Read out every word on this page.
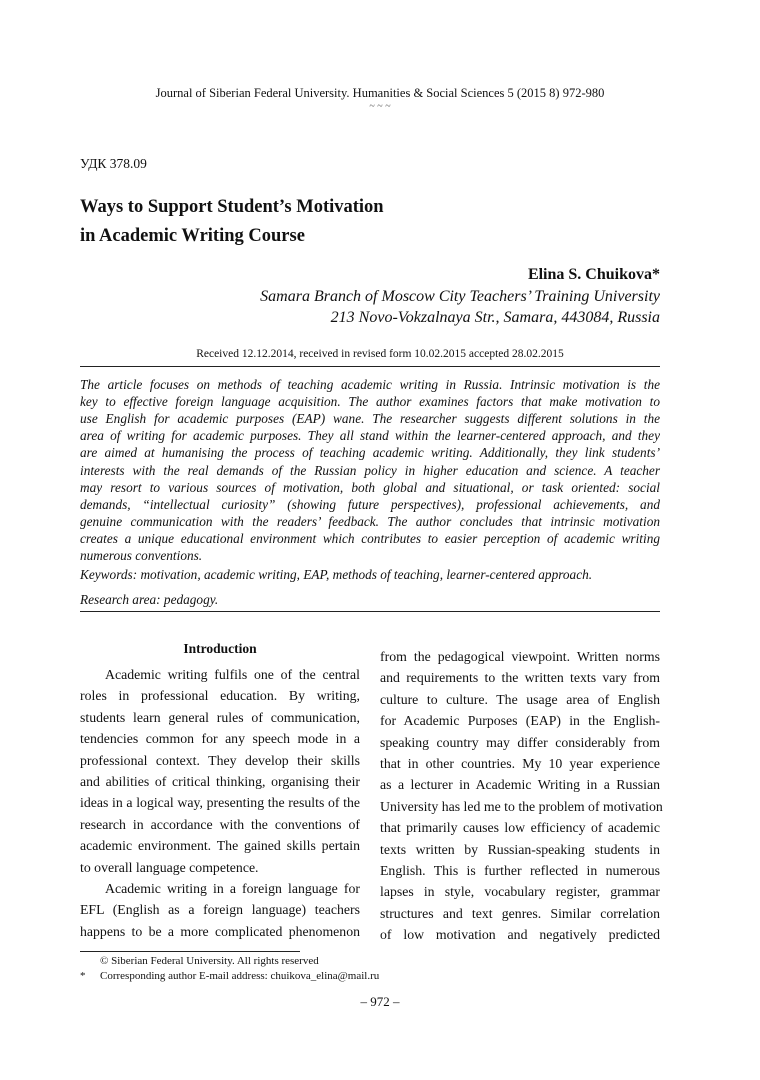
Journal of Siberian Federal University. Humanities & Social Sciences 5 (2015 8) 972-980
~ ~ ~
УДК 378.09
Ways to Support Student’s Motivation
in Academic Writing Course
Elina S. Chuikova*
Samara Branch of Moscow City Teachers’ Training University
213 Novo-Vokzalnaya Str., Samara, 443084, Russia
Received 12.12.2014, received in revised form 10.02.2015 accepted 28.02.2015
The article focuses on methods of teaching academic writing in Russia. Intrinsic motivation is the
key to effective foreign language acquisition. The author examines factors that make motivation to
use English for academic purposes (EAP) wane. The researcher suggests different solutions in the
area of writing for academic purposes. They all stand within the learner-centered approach, and they
are aimed at humanising the process of teaching academic writing. Additionally, they link students’
interests with the real demands of the Russian policy in higher education and science. A teacher
may resort to various sources of motivation, both global and situational, or task oriented: social
demands, “intellectual curiosity” (showing future perspectives), professional achievements, and
genuine communication with the readers’ feedback. The author concludes that intrinsic motivation
creates a unique educational environment which contributes to easier perception of academic writing
numerous conventions.
Keywords: motivation, academic writing, EAP, methods of teaching, learner-centered approach.
Research area: pedagogy.
Introduction
Academic writing fulfils one of the central
roles in professional education. By writing,
students learn general rules of communication,
tendencies common for any speech mode in a
professional context. They develop their skills
and abilities of critical thinking, organising their
ideas in a logical way, presenting the results of the
research in accordance with the conventions of
academic environment. The gained skills pertain
to overall language competence.
Academic writing in a foreign language for
EFL (English as a foreign language) teachers
happens to be a more complicated phenomenon
from the pedagogical viewpoint. Written norms
and requirements to the written texts vary from
culture to culture. The usage area of English
for Academic Purposes (EAP) in the English-
speaking country may differ considerably from
that in other countries. My 10 year experience
as a lecturer in Academic Writing in a Russian
University has led me to the problem of motivation
that primarily causes low efficiency of academic
texts written by Russian-speaking students in
English. This is further reflected in numerous
lapses in style, vocabulary register, grammar
structures and text genres. Similar correlation
of low motivation and negatively predicted
© Siberian Federal University. All rights reserved
* Corresponding author E-mail address: chuikova_elina@mail.ru
– 972 –
